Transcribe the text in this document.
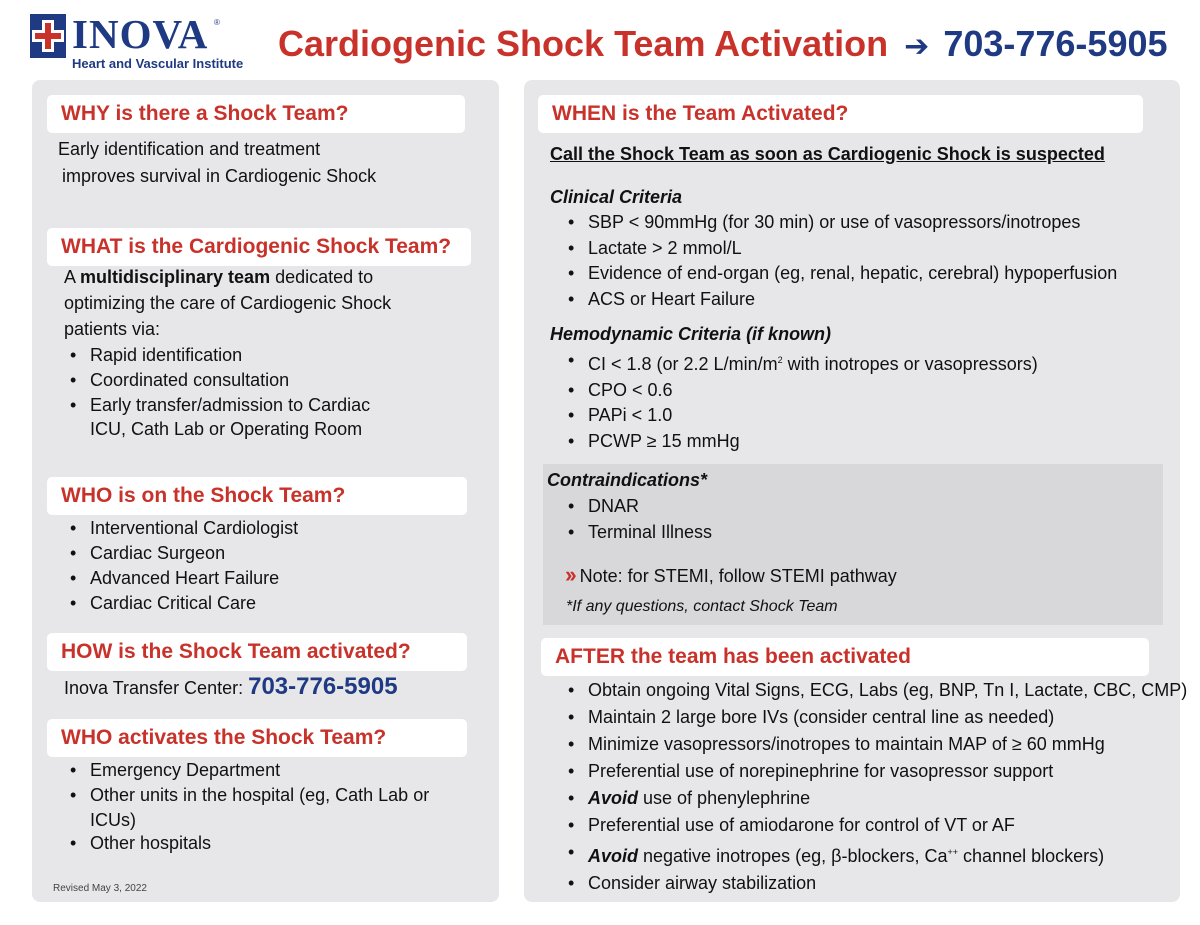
INOVA ®
Heart and Vascular Institute Cardiogenic Shock Team Activation ➔ 703-776-5905
WHY is there a Shock Team?
Early identification and treatment
improves survival in Cardiogenic Shock
WHAT is the Cardiogenic Shock Team?
A multidisciplinary team dedicated to
optimizing the care of Cardiogenic Shock
patients via:
• Rapid identification
• Coordinated consultation
• Early transfer/admission to Cardiac
ICU, Cath Lab or Operating Room
WHO is on the Shock Team?
• Interventional Cardiologist
• Cardiac Surgeon
• Advanced Heart Failure
• Cardiac Critical Care
HOW is the Shock Team activated?
Inova Transfer Center: 703-776-5905
WHO activates the Shock Team?
• Emergency Department
• Other units in the hospital (eg, Cath Lab or
ICUs)
• Other hospitals
Revised May 3, 2022
WHEN is the Team Activated?
Call the Shock Team as soon as Cardiogenic Shock is suspected
Clinical Criteria
• SBP < 90mmHg (for 30 min) or use of vasopressors/inotropes
• Lactate > 2 mmol/L
• Evidence of end-organ (eg, renal, hepatic, cerebral) hypoperfusion
• ACS or Heart Failure
Hemodynamic Criteria (if known)
• CI < 1.8 (or 2.2 $L/\min/m_2$ with inotropes or vasopressors)
• CPO < 0.6
• PAPi < 1.0
• PCWP ≥ 15 mmHg
Contraindications*
• DNAR
• Terminal Illness
›› Note: for STEMI, follow STEMI pathway
*If any questions, contact Shock Team
AFTER the team has been activated
• Obtain ongoing Vital Signs, ECG, Labs (eg, BNP, Tn I, Lactate, CBC, CMP)
• Maintain 2 large bore IVs (consider central line as needed)
• Minimize vasopressors/inotropes to maintain MAP of ≥ 60 mmHg
• Preferential use of norepinephrine for vasopressor support
• Avoid use of phenylephrine
• Preferential use of amiodarone for control of VT or AF
• Avoid negative inotropes (eg, β-blockers, $Ca_{++}$ channel blockers)
• Consider airway stabilization
